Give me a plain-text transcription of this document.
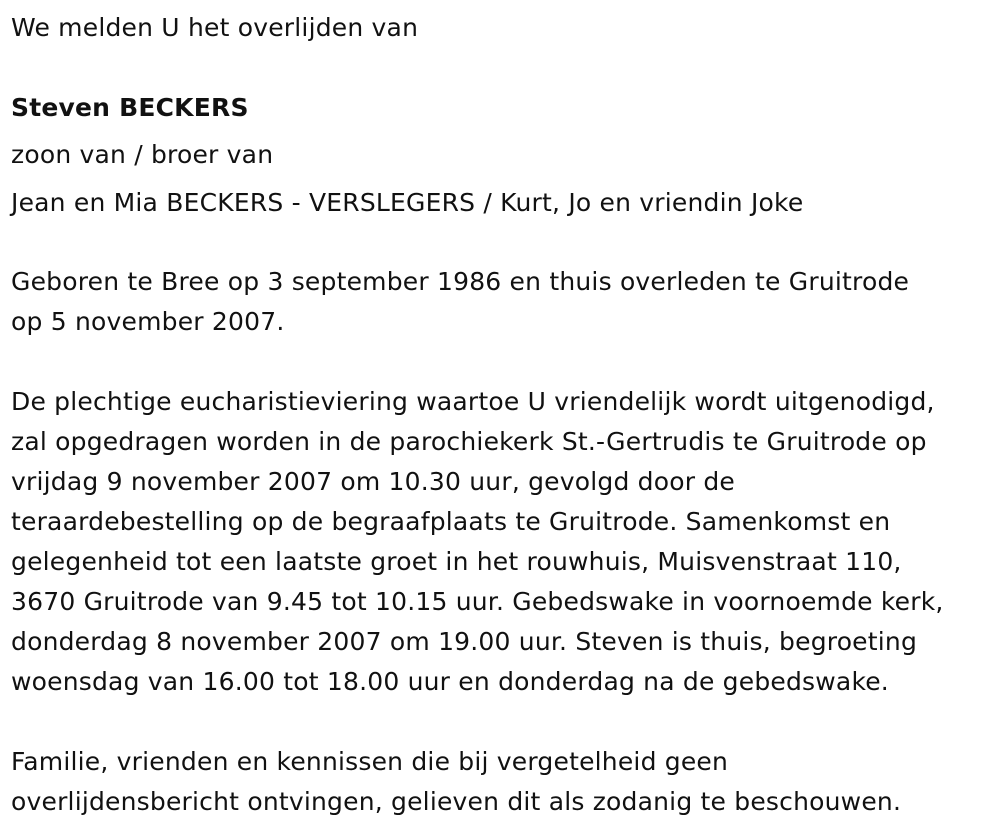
We melden U het overlijden van
Steven BECKERS
zoon van / broer van
Jean en Mia BECKERS - VERSLEGERS / Kurt, Jo en vriendin Joke
Geboren te Bree op 3 september 1986 en thuis overleden te Gruitrode
op 5 november 2007.
De plechtige eucharistieviering waartoe U vriendelijk wordt uitgenodigd,
zal opgedragen worden in de parochiekerk St.-Gertrudis te Gruitrode op
vrijdag 9 november 2007 om 10.30 uur, gevolgd door de
teraardebestelling op de begraafplaats te Gruitrode. Samenkomst en
gelegenheid tot een laatste groet in het rouwhuis, Muisvenstraat 110,
3670 Gruitrode van 9.45 tot 10.15 uur. Gebedswake in voornoemde kerk,
donderdag 8 november 2007 om 19.00 uur. Steven is thuis, begroeting
woensdag van 16.00 tot 18.00 uur en donderdag na de gebedswake.
Familie, vrienden en kennissen die bij vergetelheid geen
overlijdensbericht ontvingen, gelieven dit als zodanig te beschouwen.
